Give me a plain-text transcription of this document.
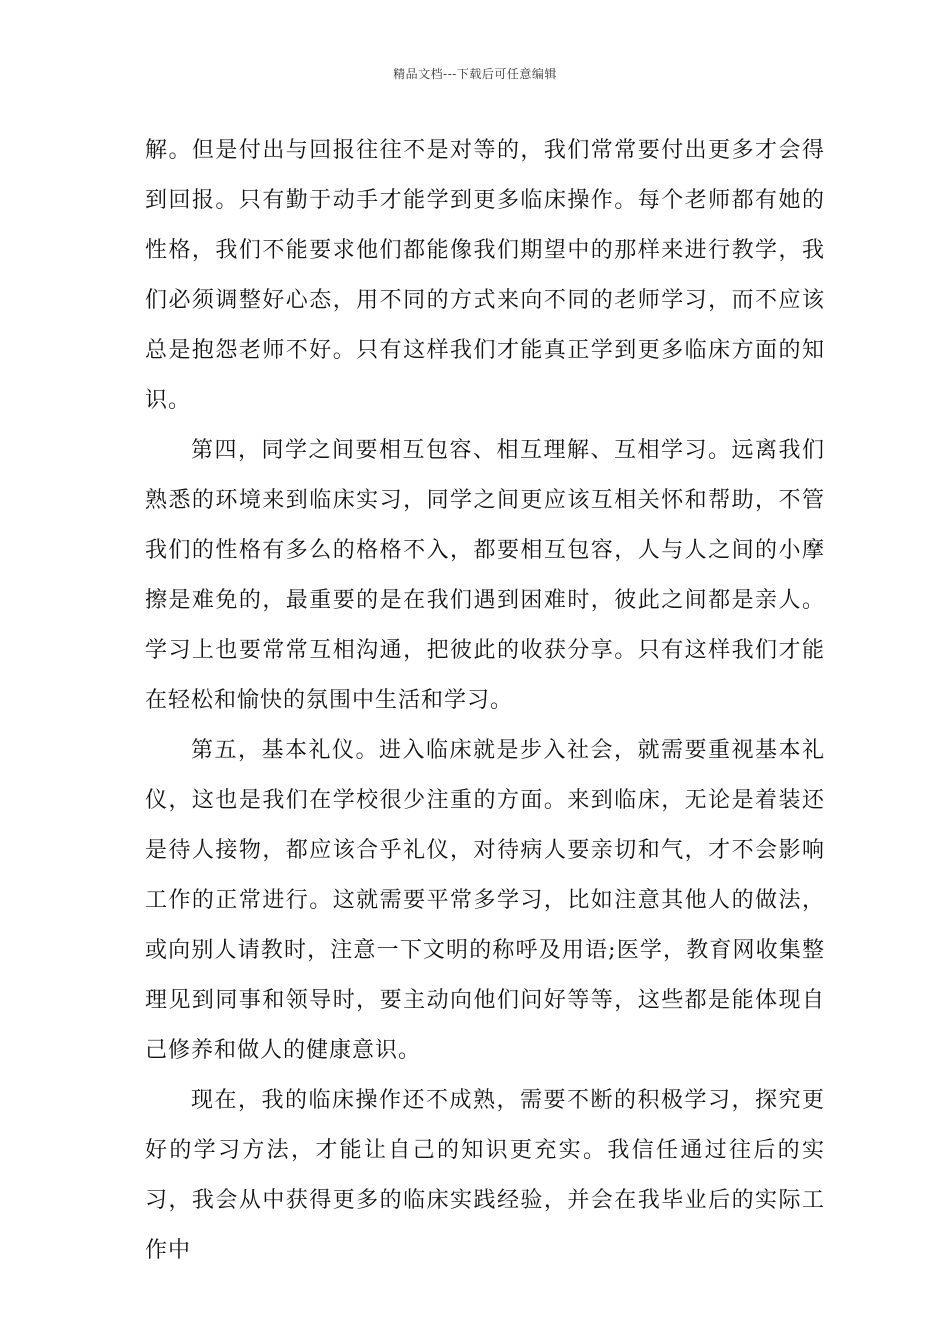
精品文档---下载后可任意编辑

解。但是付出与回报往往不是对等的，我们常常要付出更多才会得到回报。只有勤于动手才能学到更多临床操作。每个老师都有她的性格，我们不能要求他们都能像我们期望中的那样来进行教学，我们必须调整好心态，用不同的方式来向不同的老师学习，而不应该总是抱怨老师不好。只有这样我们才能真正学到更多临床方面的知识。

第四，同学之间要相互包容、相互理解、互相学习。远离我们熟悉的环境来到临床实习，同学之间更应该互相关怀和帮助，不管我们的性格有多么的格格不入，都要相互包容，人与人之间的小摩擦是难免的，最重要的是在我们遇到困难时，彼此之间都是亲人。学习上也要常常互相沟通，把彼此的收获分享。只有这样我们才能在轻松和愉快的氛围中生活和学习。

第五，基本礼仪。进入临床就是步入社会，就需要重视基本礼仪，这也是我们在学校很少注重的方面。来到临床，无论是着装还是待人接物，都应该合乎礼仪，对待病人要亲切和气，才不会影响工作的正常进行。这就需要平常多学习，比如注意其他人的做法，或向别人请教时，注意一下文明的称呼及用语;医学，教育网收集整理见到同事和领导时，要主动向他们问好等等，这些都是能体现自己修养和做人的健康意识。

现在，我的临床操作还不成熟，需要不断的积极学习，探究更好的学习方法，才能让自己的知识更充实。我信任通过往后的实习，我会从中获得更多的临床实践经验，并会在我毕业后的实际工作中
